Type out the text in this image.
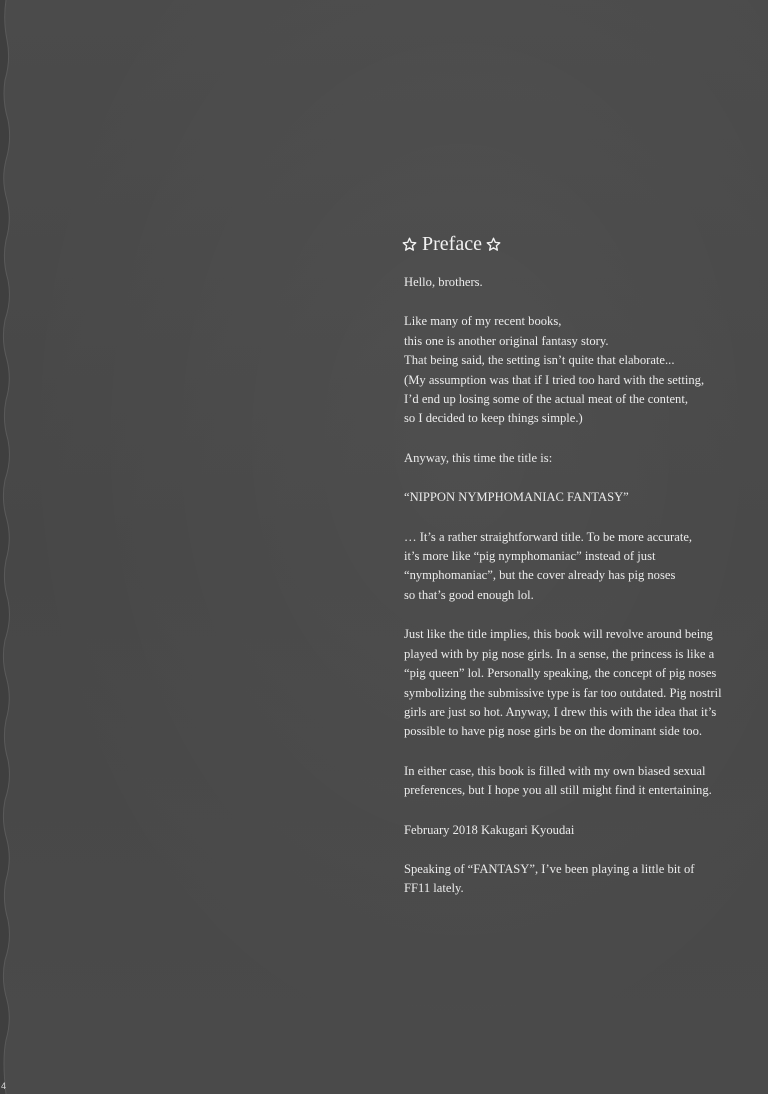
Preface

Hello, brothers.

Like many of my recent books,
this one is another original fantasy story.
That being said, the setting isn’t quite that elaborate...
(My assumption was that if I tried too hard with the setting,
I’d end up losing some of the actual meat of the content,
so I decided to keep things simple.)

Anyway, this time the title is:

“NIPPON NYMPHOMANIAC FANTASY”

… It’s a rather straightforward title. To be more accurate,
it’s more like “pig nymphomaniac” instead of just
“nymphomaniac”, but the cover already has pig noses
so that’s good enough lol.

Just like the title implies, this book will revolve around being
played with by pig nose girls. In a sense, the princess is like a
“pig queen” lol. Personally speaking, the concept of pig noses
symbolizing the submissive type is far too outdated. Pig nostril
girls are just so hot. Anyway, I drew this with the idea that it’s
possible to have pig nose girls be on the dominant side too.

In either case, this book is filled with my own biased sexual
preferences, but I hope you all still might find it entertaining.

February 2018 Kakugari Kyoudai

Speaking of “FANTASY”, I’ve been playing a little bit of
FF11 lately.

4
